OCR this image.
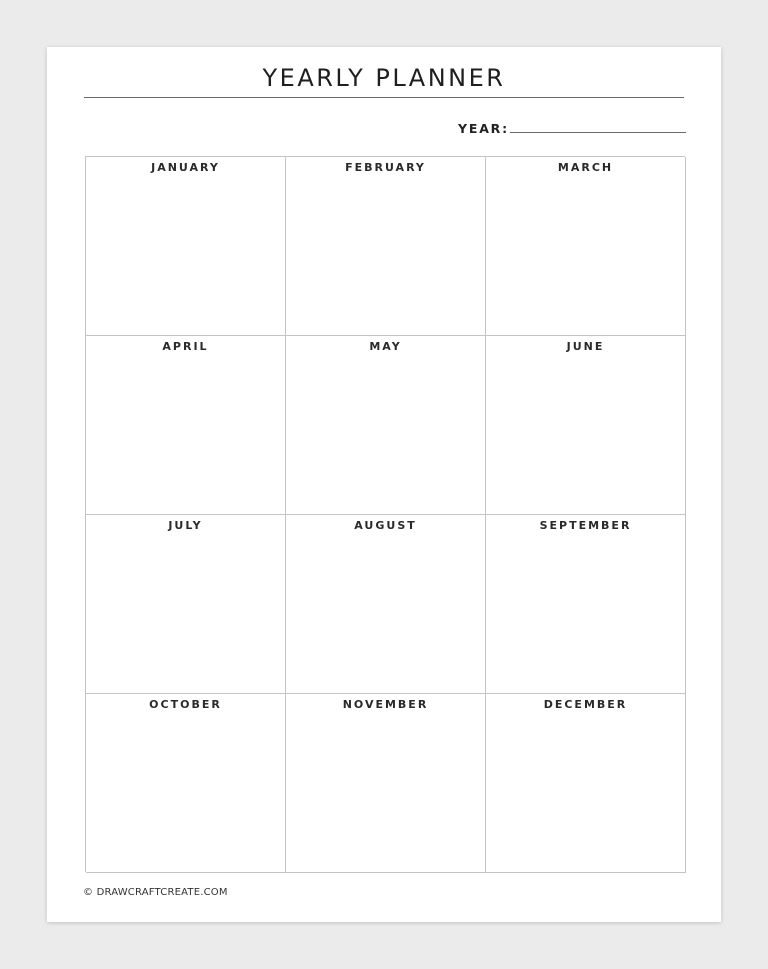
YEARLY PLANNER
YEAR:
JANUARY	FEBRUARY	MARCH
APRIL	MAY	JUNE
JULY	AUGUST	SEPTEMBER
OCTOBER	NOVEMBER	DECEMBER
© DRAWCRAFTCREATE.COM
